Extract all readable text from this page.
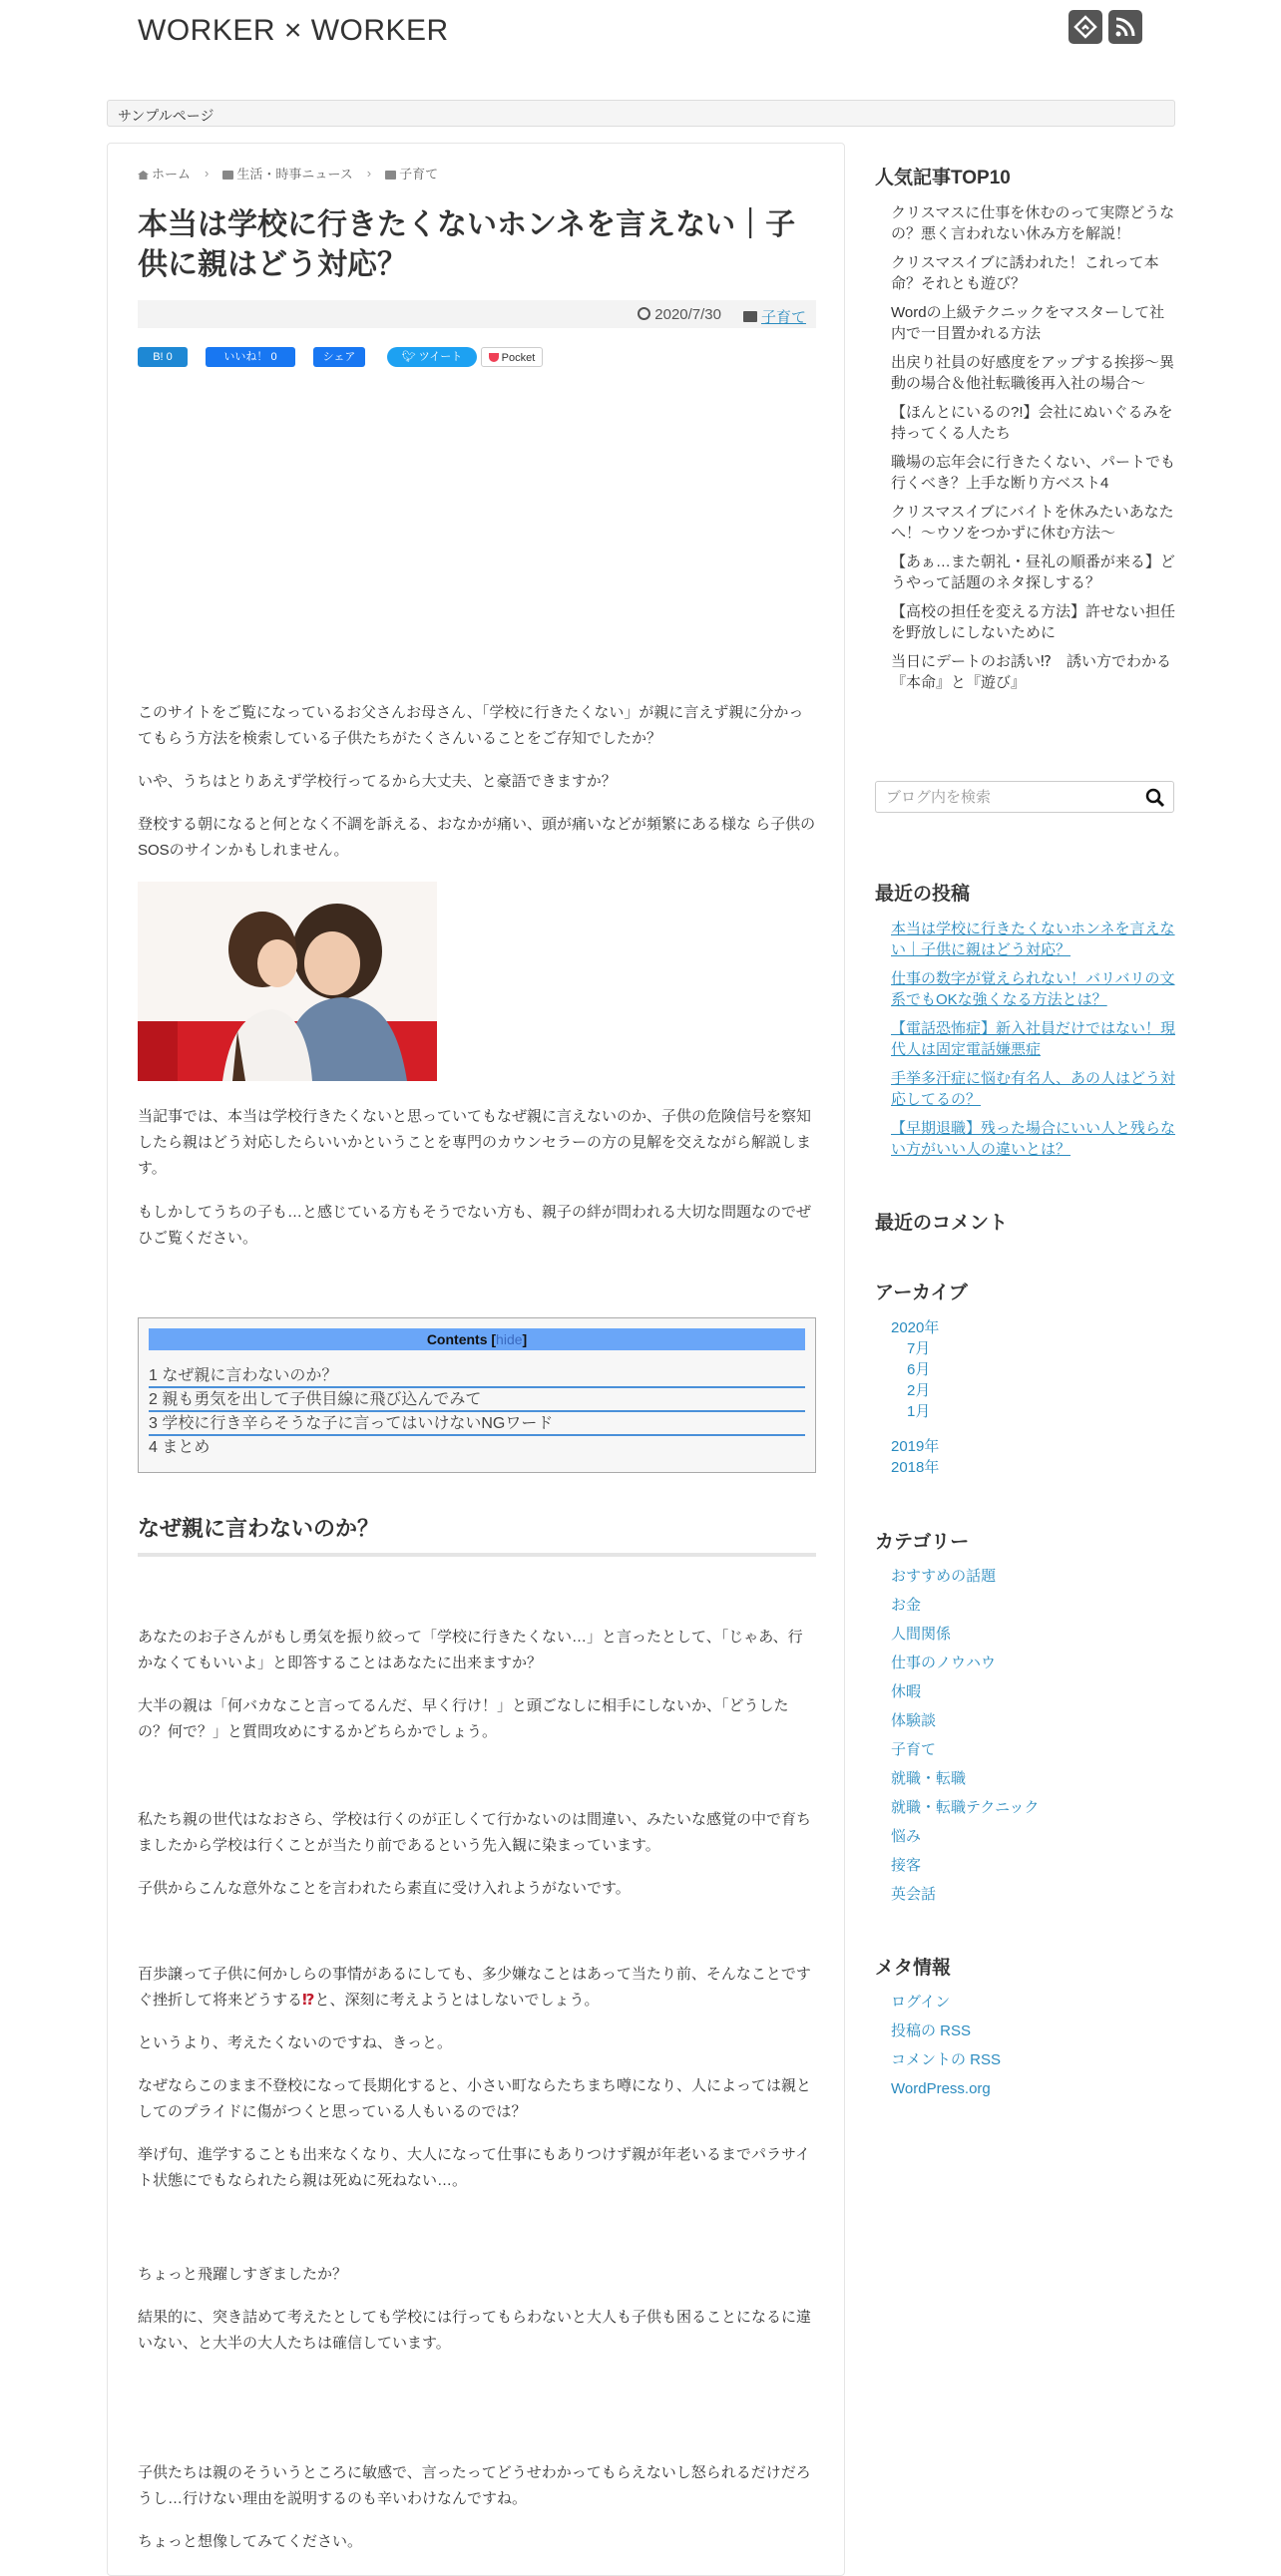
WORKER × WORKER
サンプルページ
ホーム ›	生活・時事ニュース ›	子育て
本当は学校に行きたくないホンネを言えない｜子供に親はどう対応？
2020/7/30	子育て
B! 0	いいね！ 0	シェア	🐦︎ ツイート	Pocket

このサイトをご覧になっているお父さんお母さん、「学校に行きたくない」が親に言えず親に分かってもらう方法を検索している子供たちがたくさんいることをご存知でしたか？

いや、うちはとりあえず学校行ってるから大丈夫、と豪語できますか？

登校する朝になると何となく不調を訴える、おなかが痛い、頭が痛いなどが頻繁にある様な ら子供のSOSのサインかもしれません。

当記事では、本当は学校行きたくないと思っていてもなぜ親に言えないのか、子供の危険信号を察知したら親はどう対応したらいいかということを専門のカウンセラーの方の見解を交えながら解説します。

もしかしてうちの子も…と感じている方もそうでない方も、親子の絆が問われる大切な問題なのでぜひご覧ください。

Contents [hide]
1 なぜ親に言わないのか？
2 親も勇気を出して子供目線に飛び込んでみて
3 学校に行き辛らそうな子に言ってはいけないNGワード
4 まとめ
なぜ親に言わないのか？

あなたのお子さんがもし勇気を振り絞って「学校に行きたくない…」と言ったとして、「じゃあ、行かなくてもいいよ」と即答することはあなたに出来ますか？

大半の親は「何バカなこと言ってるんだ、早く行け！」と頭ごなしに相手にしないか、「どうしたの？何で？」と質問攻めにするかどちらかでしょう。

私たち親の世代はなおさら、学校は行くのが正しくて行かないのは間違い、みたいな感覚の中で育ちましたから学校は行くことが当たり前であるという先入観に染まっています。

子供からこんな意外なことを言われたら素直に受け入れようがないです。

百歩譲って子供に何かしらの事情があるにしても、多少嫌なことはあって当たり前、そんなことですぐ挫折して将来どうする⁉と、深刻に考えようとはしないでしょう。

というより、考えたくないのですね、きっと。

なぜならこのまま不登校になって長期化すると、小さい町ならたちまち噂になり、人によっては親としてのプライドに傷がつくと思っている人もいるのでは？

挙げ句、進学することも出来なくなり、大人になって仕事にもありつけず親が年老いるまでパラサイト状態にでもなられたら親は死ぬに死ねない…。

ちょっと飛躍しすぎましたか？

結果的に、突き詰めて考えたとしても学校には行ってもらわないと大人も子供も困ることになるに違いない、と大半の大人たちは確信しています。

子供たちは親のそういうところに敏感で、言ったってどうせわかってもらえないし怒られるだけだろうし…行けない理由を説明するのも辛いわけなんですね。

ちょっと想像してみてください。

人気記事TOP10
クリスマスに仕事を休むのって実際どうなの？悪く言われない休み方を解説！
クリスマスイブに誘われた！これって本命？それとも遊び？
Wordの上級テクニックをマスターして社内で一目置かれる方法
出戻り社員の好感度をアップする挨拶～異動の場合＆他社転職後再入社の場合～
【ほんとにいるの?!】会社にぬいぐるみを持ってくる人たち
職場の忘年会に行きたくない、パートでも行くべき？上手な断り方ベスト4
クリスマスイブにバイトを休みたいあなたへ！～ウソをつかずに休む方法～
【あぁ…また朝礼・昼礼の順番が来る】どうやって話題のネタ探しする？
【高校の担任を変える方法】許せない担任を野放しにしないために
当日にデートのお誘い⁉　誘い方でわかる『本命』と『遊び』
ブログ内を検索
最近の投稿
本当は学校に行きたくないホンネを言えない｜子供に親はどう対応？
仕事の数字が覚えられない！バリバリの文系でもOKな強くなる方法とは？
【電話恐怖症】新入社員だけではない！現代人は固定電話嫌悪症
手挙多汗症に悩む有名人、あの人はどう対応してるの？
【早期退職】残った場合にいい人と残らない方がいい人の違いとは？
最近のコメント
アーカイブ
2020年
7月
6月
2月
1月
2019年
2018年
カテゴリー
おすすめの話題
お金
人間関係
仕事のノウハウ
休暇
体験談
子育て
就職・転職
就職・転職テクニック
悩み
接客
英会話
メタ情報
ログイン
投稿の RSS
コメントの RSS
WordPress.org
